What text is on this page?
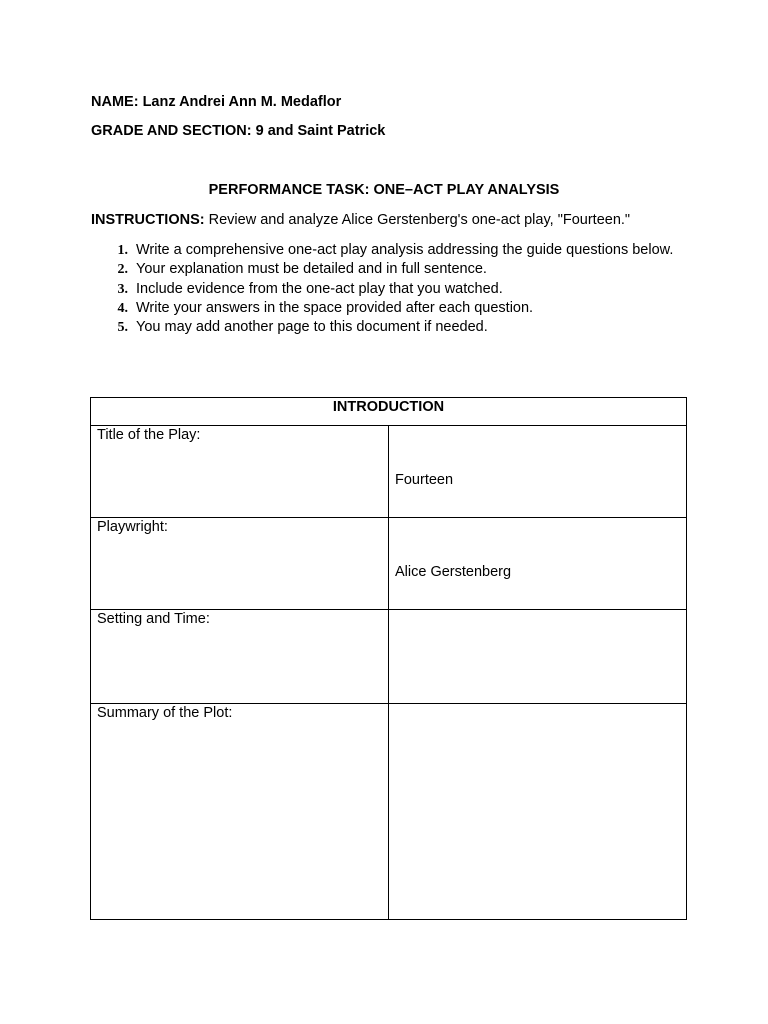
NAME: Lanz Andrei Ann M. Medaflor
GRADE AND SECTION: 9 and Saint Patrick
PERFORMANCE TASK: ONE–ACT PLAY ANALYSIS
INSTRUCTIONS: Review and analyze Alice Gerstenberg's one-act play, "Fourteen."
1. Write a comprehensive one-act play analysis addressing the guide questions below.
2. Your explanation must be detailed and in full sentence.
3. Include evidence from the one-act play that you watched.
4. Write your answers in the space provided after each question.
5. You may add another page to this document if needed.
INTRODUCTION	
Title of the Play:	Fourteen

Playwright:	Alice Gerstenberg

Setting and Time:	

Summary of the Plot:	
